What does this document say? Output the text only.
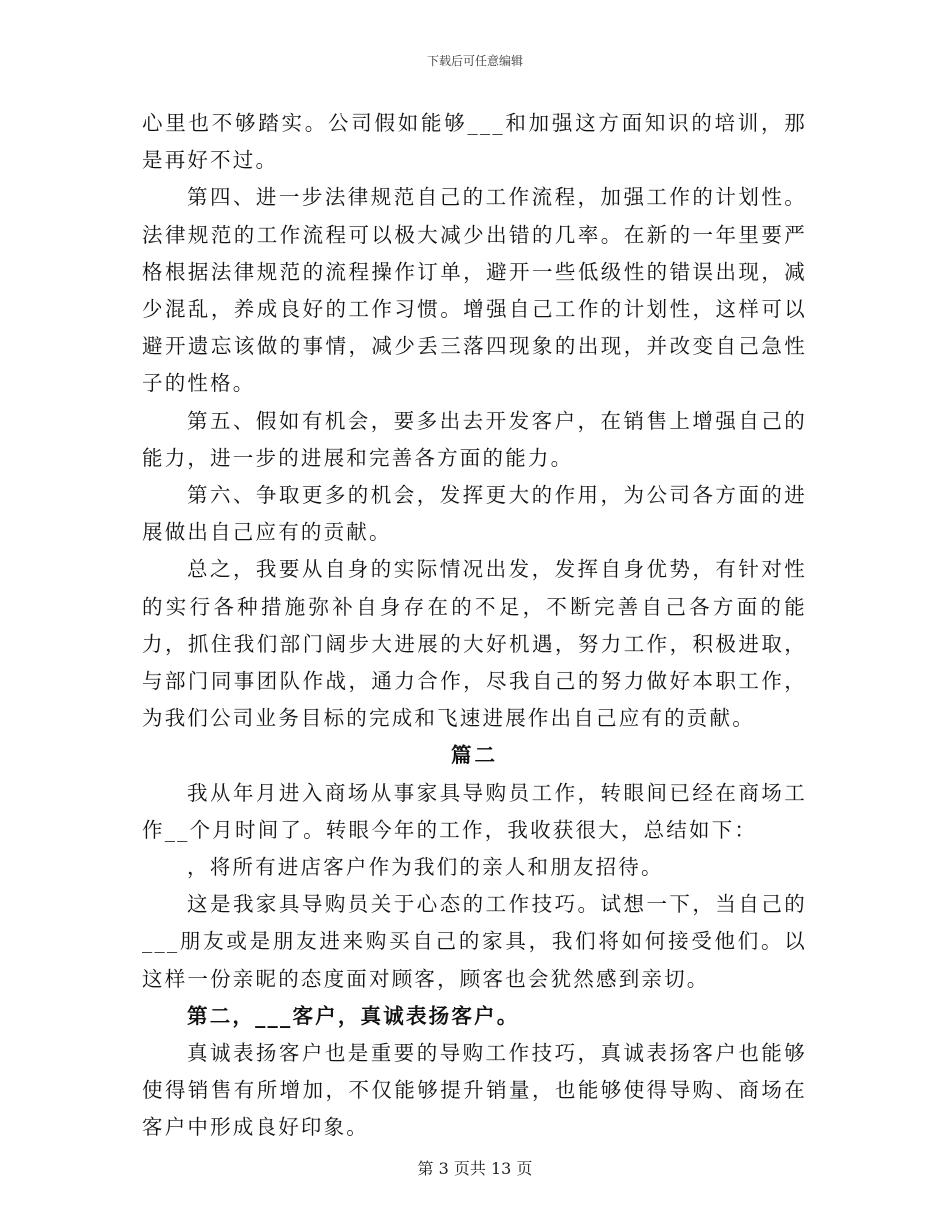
下载后可任意编辑

心里也不够踏实。公司假如能够___和加强这方面知识的培训，那是再好不过。

第四、进一步法律规范自己的工作流程，加强工作的计划性。法律规范的工作流程可以极大减少出错的几率。在新的一年里要严格根据法律规范的流程操作订单，避开一些低级性的错误出现，减少混乱，养成良好的工作习惯。增强自己工作的计划性，这样可以避开遗忘该做的事情，减少丢三落四现象的出现，并改变自己急性子的性格。

第五、假如有机会，要多出去开发客户，在销售上增强自己的能力，进一步的进展和完善各方面的能力。

第六、争取更多的机会，发挥更大的作用，为公司各方面的进展做出自己应有的贡献。

总之，我要从自身的实际情况出发，发挥自身优势，有针对性的实行各种措施弥补自身存在的不足，不断完善自己各方面的能力，抓住我们部门阔步大进展的大好机遇，努力工作，积极进取，与部门同事团队作战，通力合作，尽我自己的努力做好本职工作，为我们公司业务目标的完成和飞速进展作出自己应有的贡献。

篇二

我从年月进入商场从事家具导购员工作，转眼间已经在商场工作__个月时间了。转眼今年的工作，我收获很大，总结如下：

，将所有进店客户作为我们的亲人和朋友招待。

这是我家具导购员关于心态的工作技巧。试想一下，当自己的___朋友或是朋友进来购买自己的家具，我们将如何接受他们。以这样一份亲昵的态度面对顾客，顾客也会犹然感到亲切。

第二，___客户，真诚表扬客户。

真诚表扬客户也是重要的导购工作技巧，真诚表扬客户也能够使得销售有所增加，不仅能够提升销量，也能够使得导购、商场在客户中形成良好印象。

第 3 页共 13 页
